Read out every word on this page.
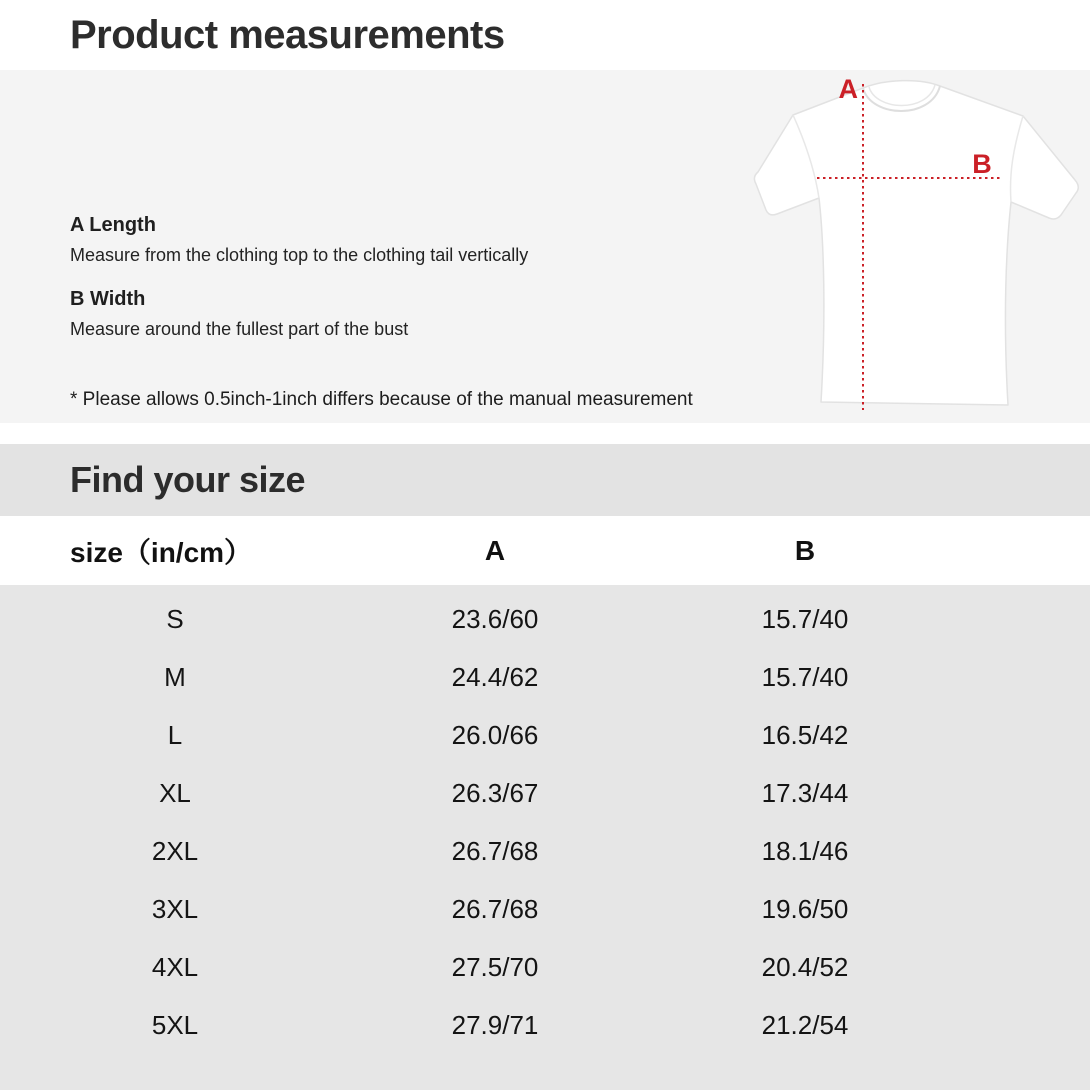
Product measurements
A Length

Measure from the clothing top to the clothing tail vertically

B Width

Measure around the fullest part of the bust

* Please allows 0.5inch-1inch differs because of the manual measurement

A
B
Find your size
size（in/cm）	A	B
S	23.6/60	15.7/40
M	24.4/62	15.7/40
L	26.0/66	16.5/42
XL	26.3/67	17.3/44
2XL	26.7/68	18.1/46
3XL	26.7/68	19.6/50
4XL	27.5/70	20.4/52
5XL	27.9/71	21.2/54
